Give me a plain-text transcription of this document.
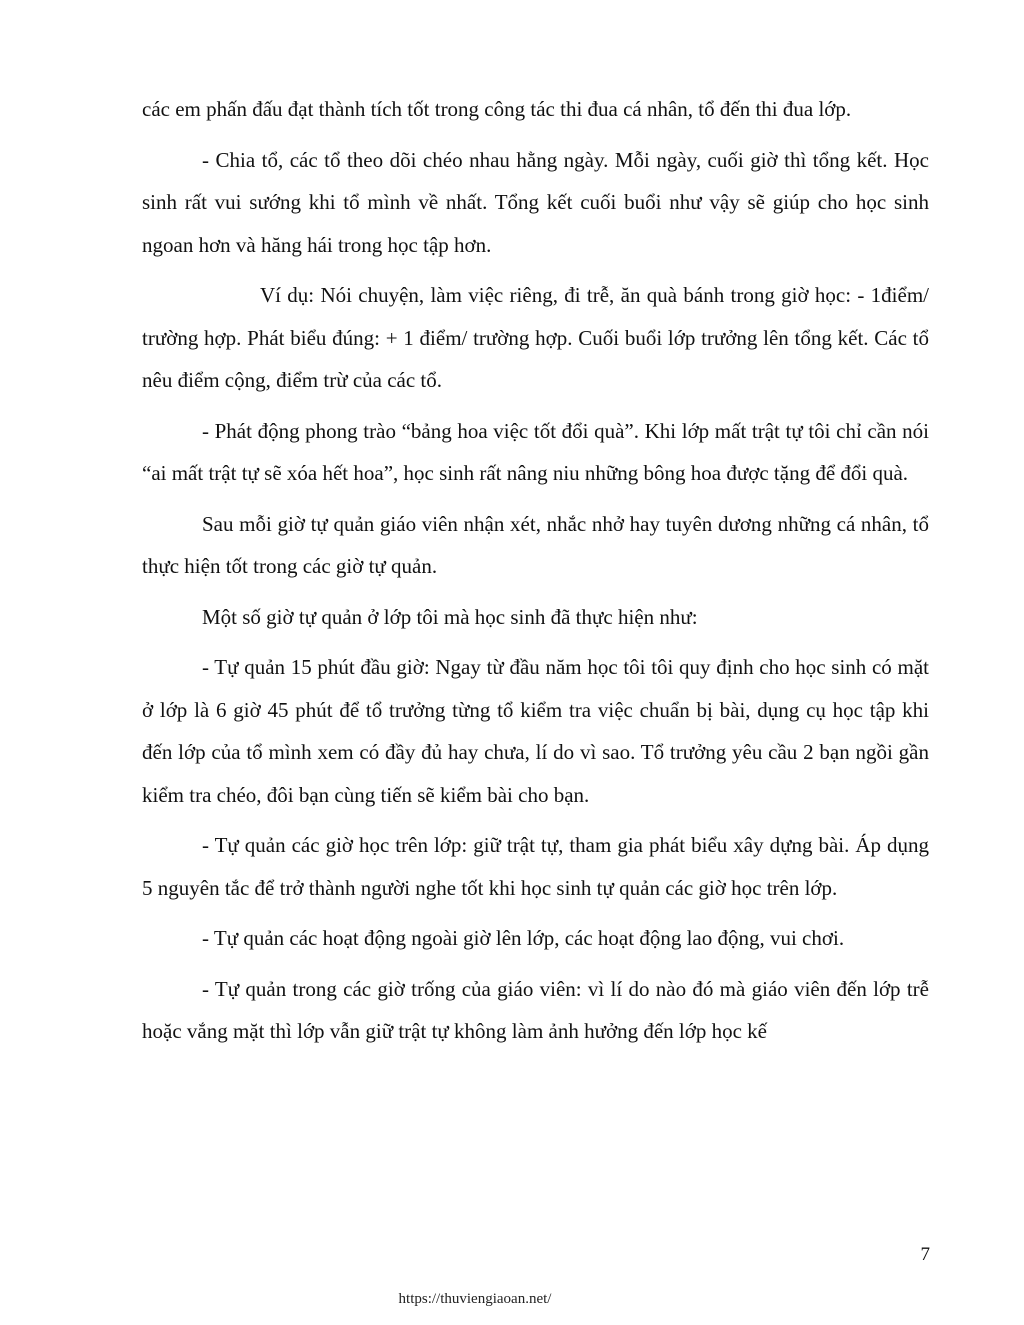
các em phấn đấu đạt thành tích tốt trong công tác thi đua cá nhân, tổ đến thi đua lớp.

- Chia tổ, các tổ theo dõi chéo nhau hằng ngày. Mỗi ngày, cuối giờ thì tổng kết. Học sinh rất vui sướng khi tổ mình về nhất. Tổng kết cuối buổi như vậy sẽ giúp cho học sinh ngoan hơn và hăng hái trong học tập hơn.

Ví dụ: Nói chuyện, làm việc riêng, đi trễ, ăn quà bánh trong giờ học: - 1điểm/ trường hợp. Phát biểu đúng: + 1 điểm/ trường hợp. Cuối buổi lớp trưởng lên tổng kết. Các tổ nêu điểm cộng, điểm trừ của các tổ.

- Phát động phong trào “bảng hoa việc tốt đổi quà”. Khi lớp mất trật tự tôi chỉ cần nói “ai mất trật tự sẽ xóa hết hoa”, học sinh rất nâng niu những bông hoa được tặng để đổi quà.

Sau mỗi giờ tự quản giáo viên nhận xét, nhắc nhở hay tuyên dương những cá nhân, tổ thực hiện tốt trong các giờ tự quản.

Một số giờ tự quản ở lớp tôi mà học sinh đã thực hiện như:

- Tự quản 15 phút đầu giờ: Ngay từ đầu năm học tôi tôi quy định cho học sinh có mặt ở lớp là 6 giờ 45 phút để tổ trưởng từng tổ kiểm tra việc chuẩn bị bài, dụng cụ học tập khi đến lớp của tổ mình xem có đầy đủ hay chưa, lí do vì sao. Tổ trưởng yêu cầu 2 bạn ngồi gần kiểm tra chéo, đôi bạn cùng tiến sẽ kiểm bài cho bạn.

- Tự quản các giờ học trên lớp: giữ trật tự, tham gia phát biểu xây dựng bài. Áp dụng 5 nguyên tắc để trở thành người nghe tốt khi học sinh tự quản các giờ học trên lớp.

- Tự quản các hoạt động ngoài giờ lên lớp, các hoạt động lao động, vui chơi.

- Tự quản trong các giờ trống của giáo viên: vì lí do nào đó mà giáo viên đến lớp trễ hoặc vắng mặt thì lớp vẫn giữ trật tự không làm ảnh hưởng đến lớp học kế

7
https://thuviengiaoan.net/
